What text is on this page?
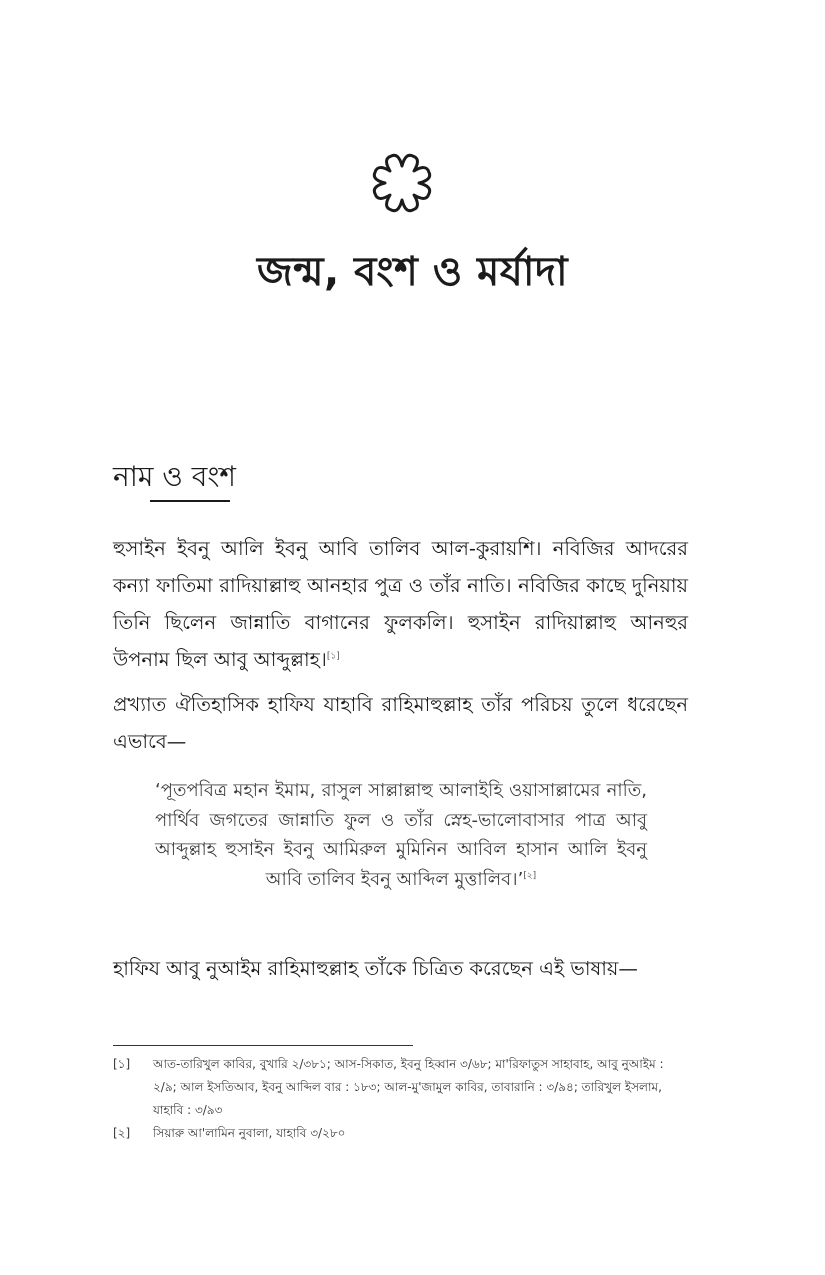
জন্ম, বংশ ও মর্যাদা
নাম ও বংশ
হুসাইন ইবনু আলি ইবনু আবি তালিব আল-কুরায়শি। নবিজির আদরের কন্যা ফাতিমা রাদিয়াল্লাহু আনহার পুত্র ও তাঁর নাতি। নবিজির কাছে দুনিয়ায় তিনি ছিলেন জান্নাতি বাগানের ফুলকলি। হুসাইন রাদিয়াল্লাহু আনহুর উপনাম ছিল আবু আব্দুল্লাহ।[১]
প্রখ্যাত ঐতিহাসিক হাফিয যাহাবি রাহিমাহুল্লাহ তাঁর পরিচয় তুলে ধরেছেন এভাবে—
‘পূতপবিত্র মহান ইমাম, রাসুল সাল্লাল্লাহু আলাইহি ওয়াসাল্লামের নাতি, পার্থিব জগতের জান্নাতি ফুল ও তাঁর স্নেহ-ভালোবাসার পাত্র আবু আব্দুল্লাহ হুসাইন ইবনু আমিরুল মুমিনিন আবিল হাসান আলি ইবনু আবি তালিব ইবনু আব্দিল মুত্তালিব।’[২]
হাফিয আবু নুআইম রাহিমাহুল্লাহ তাঁকে চিত্রিত করেছেন এই ভাষায়—
[১]	আত-তারিখুল কাবির, বুখারি ২/৩৮১; আস-সিকাত, ইবনু হিব্বান ৩/৬৮; মা'রিফাতুস সাহাবাহ, আবু নুআইম : ২/৯; আল ইসতিআব, ইবনু আব্দিল বার : ১৮৩; আল-মু'জামুল কাবির, তাবারানি : ৩/৯৪; তারিখুল ইসলাম, যাহাবি : ৩/৯৩
[২]	সিয়ারু আ'লামিন নুবালা, যাহাবি ৩/২৮০
